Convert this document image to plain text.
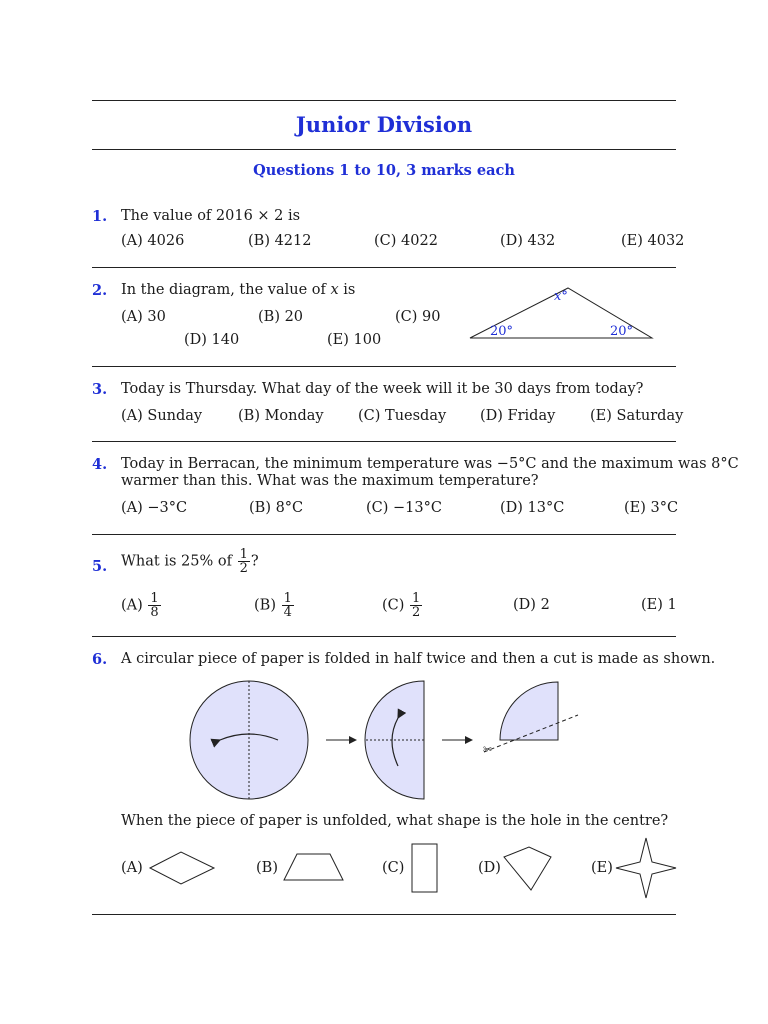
Junior Division
Questions 1 to 10, 3 marks each
1. The value of 2016 × 2 is
(A) 4026	(B) 4212	(C) 4022	(D) 432	(E) 4032
2. In the diagram, the value of x is
(A) 30	(B) 20	(C) 90
(D) 140	(E) 100
x°
20°	20°
3. Today is Thursday. What day of the week will it be 30 days from today?
(A) Sunday (B) Monday (C) Tuesday (D) Friday (E) Saturday
4. Today in Berracan, the minimum temperature was −5°C and the maximum was 8°C
warmer than this. What was the maximum temperature?
(A) −3°C	(B) 8°C	(C) −13°C	(D) 13°C	(E) 3°C
5. What is 25% of $\frac{1}{2}$ ?
$(A) \frac{1}{8}$	$(B) \frac{1}{4}$	$(C) \frac{1}{2}$	(D) 2	(E) 1
6. A circular piece of paper is folded in half twice and then a cut is made as shown.
✂
When the piece of paper is unfolded, what shape is the hole in the centre?
(A)	(B)	(C)	(D)	(E)
